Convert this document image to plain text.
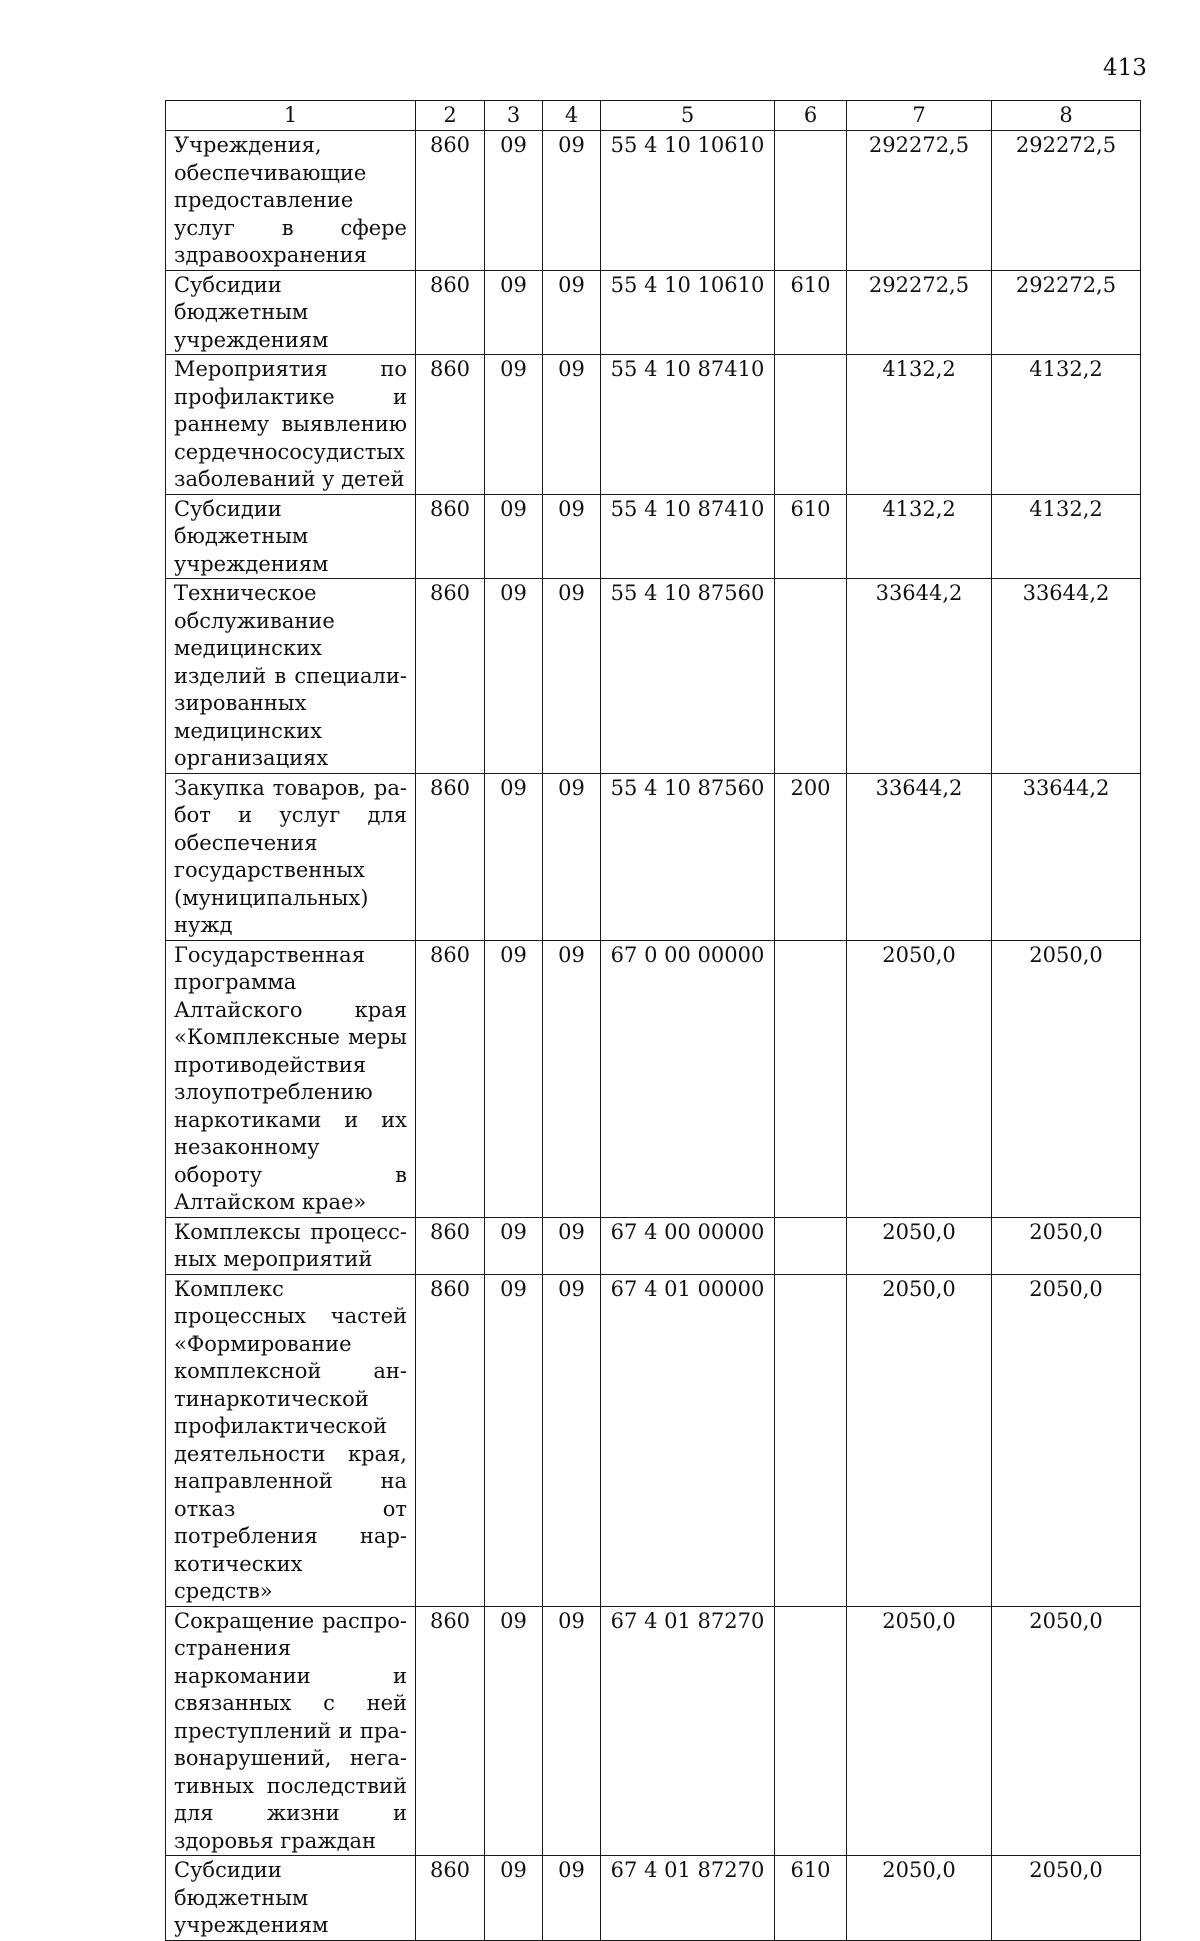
413
1	2	3	4	5	6	7	8
Учреждения, обеспечивающие предоставление услуг в сфере здравоохранения	860	09	09	55 4 10 10610		292272,5	292272,5
Субсидии бюджетным учреждениям	860	09	09	55 4 10 10610	610	292272,5	292272,5
Мероприятия по профилактике и раннему выявлению сердечнососудистых заболеваний у детей	860	09	09	55 4 10 87410		4132,2	4132,2
Субсидии бюджетным учреждениям	860	09	09	55 4 10 87410	610	4132,2	4132,2
Техническое обслуживание медицинских изделий в специализированных медицинских организациях	860	09	09	55 4 10 87560		33644,2	33644,2
Закупка товаров, работ и услуг для обеспечения государственных (муниципальных) нужд	860	09	09	55 4 10 87560	200	33644,2	33644,2
Государственная программа Алтайского края «Комплексные меры противодействия злоупотреблению наркотиками и их незаконному обороту в Алтайском крае»	860	09	09	67 0 00 00000		2050,0	2050,0
Комплексы процессных мероприятий	860	09	09	67 4 00 00000		2050,0	2050,0
Комплекс процессных частей «Формирование комплексной антинаркотической профилактической деятельности края, направленной на отказ от потребления наркотических средств»	860	09	09	67 4 01 00000		2050,0	2050,0
Сокращение распространения наркомании и связанных с ней преступлений и правонарушений, негативных последствий для жизни и здоровья граждан	860	09	09	67 4 01 87270		2050,0	2050,0
Субсидии бюджетным учреждениям	860	09	09	67 4 01 87270	610	2050,0	2050,0
